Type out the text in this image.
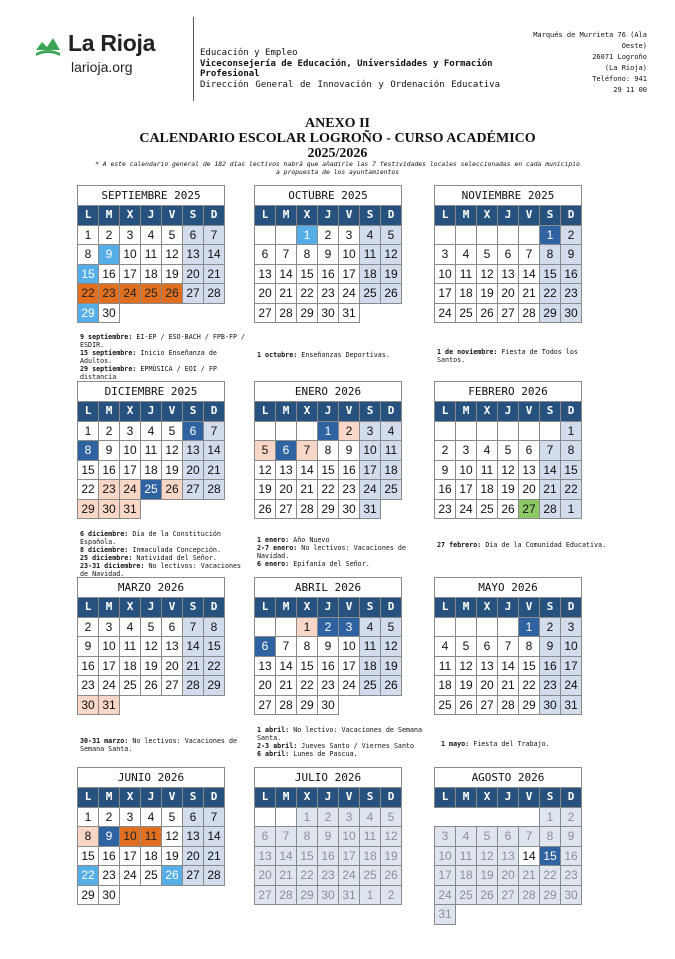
La Rioja
larioja.org
Educación y Empleo
Viceconsejería de Educación, Universidades y Formación Profesional
Dirección General de Innovación y Ordenación Educativa
Marqués de Murrieta 76 (Ala Oeste)
26071 Logroño
(La Rioja)
Teléfono: 941
29 11 00
ANEXO II
CALENDARIO ESCOLAR LOGROÑO - CURSO ACADÉMICO
2025/2026
* A este calendario general de 182 días lectivos habrá que añadirle las 7 festividades locales seleccionadas en cada municipio a propuesta de los ayuntamientos
SEPTIEMBRE 2025						
L	M	X	J	V	S	D
1	2	3	4	5	6	7
8	9	10	11	12	13	14
15	16	17	18	19	20	21
22	23	24	25	26	27	28
29	30					
OCTUBRE 2025						
L	M	X	J	V	S	D
		1	2	3	4	5
6	7	8	9	10	11	12
13	14	15	16	17	18	19
20	21	22	23	24	25	26
27	28	29	30	31		
NOVIEMBRE 2025						
L	M	X	J	V	S	D
					1	2
3	4	5	6	7	8	9
10	11	12	13	14	15	16
17	18	19	20	21	22	23
24	25	26	27	28	29	30
DICIEMBRE 2025						
L	M	X	J	V	S	D
1	2	3	4	5	6	7
8	9	10	11	12	13	14
15	16	17	18	19	20	21
22	23	24	25	26	27	28
29	30	31				
ENERO 2026						
L	M	X	J	V	S	D
			1	2	3	4
5	6	7	8	9	10	11
12	13	14	15	16	17	18
19	20	21	22	23	24	25
26	27	28	29	30	31	
FEBRERO 2026						
L	M	X	J	V	S	D
						1
2	3	4	5	6	7	8
9	10	11	12	13	14	15
16	17	18	19	20	21	22
23	24	25	26	27	28	1
MARZO 2026						
L	M	X	J	V	S	D
2	3	4	5	6	7	8
9	10	11	12	13	14	15
16	17	18	19	20	21	22
23	24	25	26	27	28	29
30	31					
ABRIL 2026						
L	M	X	J	V	S	D
		1	2	3	4	5
6	7	8	9	10	11	12
13	14	15	16	17	18	19
20	21	22	23	24	25	26
27	28	29	30			
MAYO 2026						
L	M	X	J	V	S	D
				1	2	3
4	5	6	7	8	9	10
11	12	13	14	15	16	17
18	19	20	21	22	23	24
25	26	27	28	29	30	31
JUNIO 2026						
L	M	X	J	V	S	D
1	2	3	4	5	6	7
8	9	10	11	12	13	14
15	16	17	18	19	20	21
22	23	24	25	26	27	28
29	30					
JULIO 2026						
L	M	X	J	V	S	D
		1	2	3	4	5
6	7	8	9	10	11	12
13	14	15	16	17	18	19
20	21	22	23	24	25	26
27	28	29	30	31	1	2
AGOSTO 2026						
L	M	X	J	V	S	D
					1	2
3	4	5	6	7	8	9
10	11	12	13	14	15	16
17	18	19	20	21	22	23
24	25	26	27	28	29	30
31						
9 septiembre: EI-EP / ESO-BACH / FPB-FP / ESDIR.
15 septiembre: Inicio Enseñanza de Adultos.
29 septiembre: EPMÚSICA / EOI / FP distancia
1 octubre: Enseñanzas Deportivas.	1 de noviembre: Fiesta de Todos los Santos.
6 diciembre: Día de la Constitución Española.
8 diciembre: Inmaculada Concepción.
25 diciembre: Natividad del Señor.
23-31 diciembre: No lectivos: Vacaciones de Navidad.
1 enero: Año Nuevo
2-7 enero: No lectivos: Vacaciones de Navidad.
6 enero: Epifanía del Señor.
27 febrero: Día de la Comunidad Educativa.
30-31 marzo: No lectivos: Vacaciones de Semana Santa.
1 abril: No lectivo: Vacaciones de Semana Santa.
2-3 abril: Jueves Santo / Viernes Santo
6 abril: Lunes de Pascua.
1 mayo: Fiesta del Trabajo.
